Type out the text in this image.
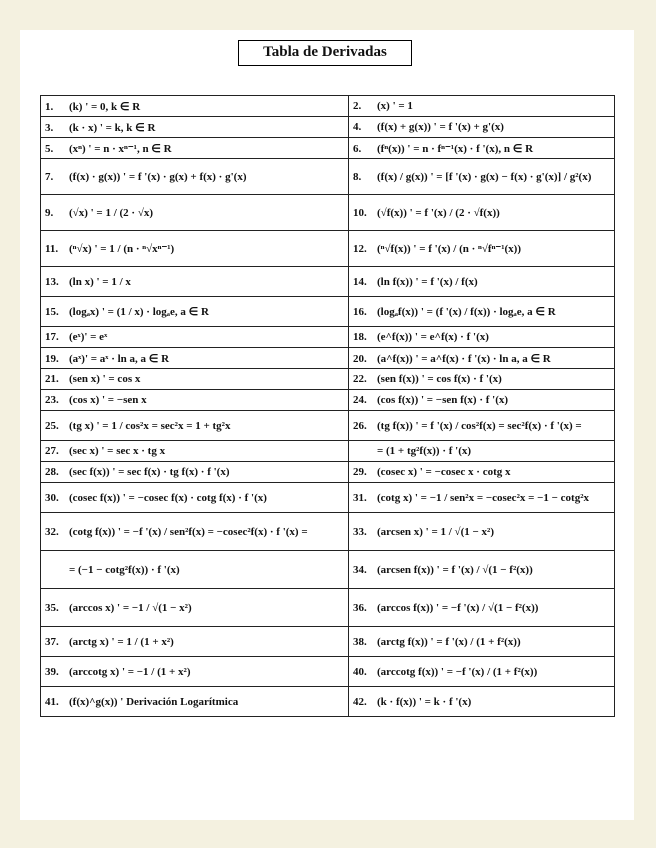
Tabla de Derivadas
1. (k) ' = 0, k ∈ R	2. (x) ' = 1
3. (k · x) ' = k, k ∈ R	4. (f(x) + g(x)) ' = f '(x) + g'(x)
5. (xⁿ) ' = n · xⁿ⁻¹, n ∈ R	6. (fⁿ(x)) ' = n · fⁿ⁻¹(x) · f '(x), n ∈ R
7. (f(x) · g(x)) ' = f '(x) · g(x) + f(x) · g'(x)	8. (f(x) / g(x)) ' = [f '(x) · g(x) − f(x) · g'(x)] / g²(x)
9. (√x) ' = 1 / (2 · √x)	10. (√f(x)) ' = f '(x) / (2 · √f(x))
11. (ⁿ√x) ' = 1 / (n · ⁿ√xⁿ⁻¹)	12. (ⁿ√f(x)) ' = f '(x) / (n · ⁿ√fⁿ⁻¹(x))
13. (ln x) ' = 1 / x	14. (ln f(x)) ' = f '(x) / f(x)
15. (logₐx) ' = (1 / x) · logₐe, a ∈ R	16. (logₐf(x)) ' = (f '(x) / f(x)) · logₐe, a ∈ R
17. (eˣ)' = eˣ	18. (e^f(x)) ' = e^f(x) · f '(x)
19. (aˣ)' = aˣ · ln a, a ∈ R	20. (a^f(x)) ' = a^f(x) · f '(x) · ln a, a ∈ R
21. (sen x) ' = cos x	22. (sen f(x)) ' = cos f(x) · f '(x)
23. (cos x) ' = −sen x	24. (cos f(x)) ' = −sen f(x) · f '(x)
25. (tg x) ' = 1 / cos²x = sec²x = 1 + tg²x	26. (tg f(x)) ' = f '(x) / cos²f(x) = sec²f(x) · f '(x) =
27. (sec x) ' = sec x · tg x	= (1 + tg²f(x)) · f '(x)
28. (sec f(x)) ' = sec f(x) · tg f(x) · f '(x)	29. (cosec x) ' = −cosec x · cotg x
30. (cosec f(x)) ' = −cosec f(x) · cotg f(x) · f '(x)	31. (cotg x) ' = −1 / sen²x = −cosec²x = −1 − cotg²x
32. (cotg f(x)) ' = −f '(x) / sen²f(x) = −cosec²f(x) · f '(x) =	33. (arcsen x) ' = 1 / √(1 − x²)
= (−1 − cotg²f(x)) · f '(x)	34. (arcsen f(x)) ' = f '(x) / √(1 − f²(x))
35. (arccos x) ' = −1 / √(1 − x²)	36. (arccos f(x)) ' = −f '(x) / √(1 − f²(x))
37. (arctg x) ' = 1 / (1 + x²)	38. (arctg f(x)) ' = f '(x) / (1 + f²(x))
39. (arccotg x) ' = −1 / (1 + x²)	40. (arccotg f(x)) ' = −f '(x) / (1 + f²(x))
41. (f(x)^g(x)) ' Derivación Logarítmica	42. (k · f(x)) ' = k · f '(x)
